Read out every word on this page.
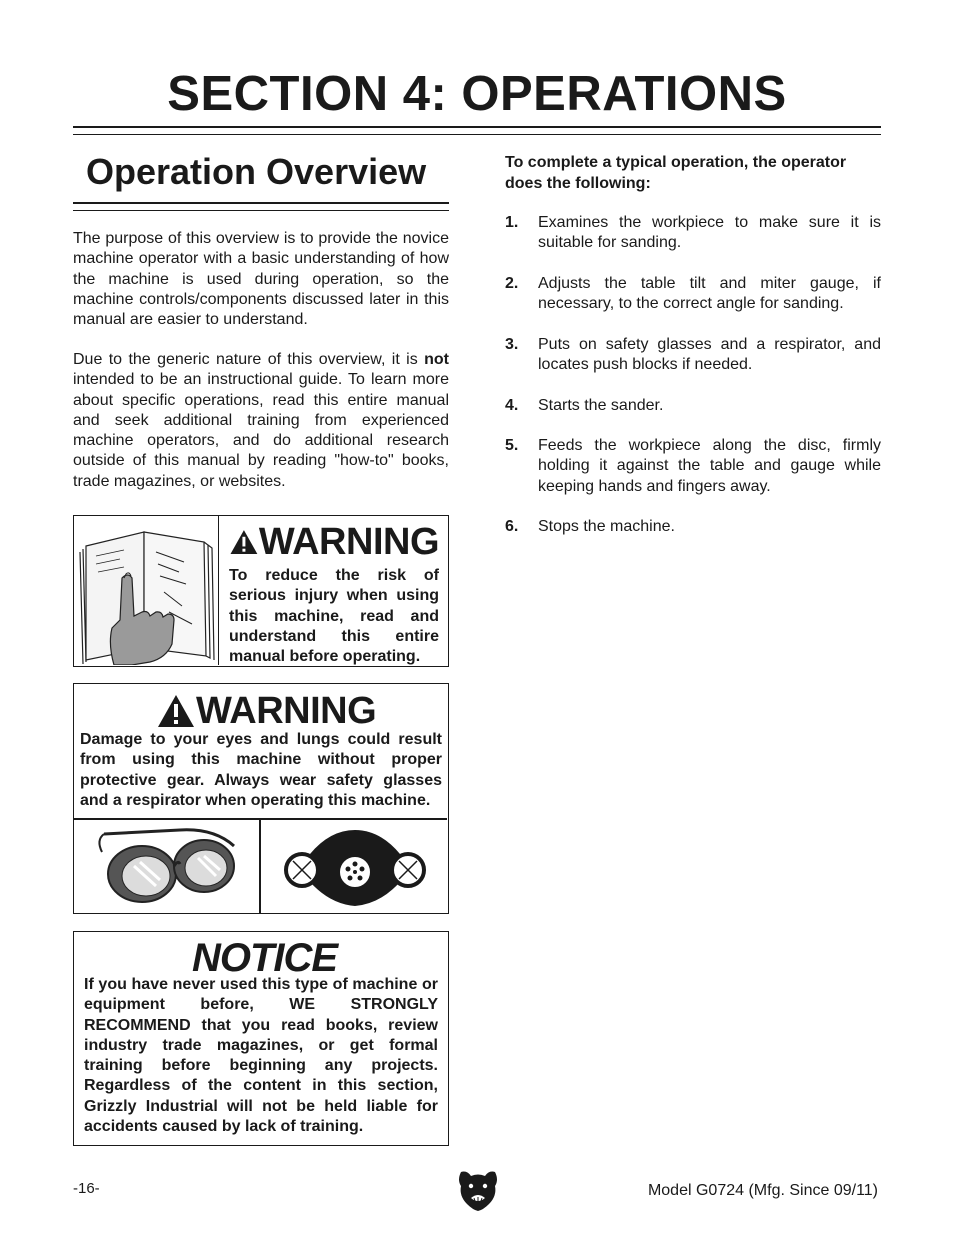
SECTION 4: OPERATIONS
Operation Overview

The purpose of this overview is to provide the novice machine operator with a basic understanding of how the machine is used during operation, so the machine controls/components discussed later in this manual are easier to understand.

Due to the generic nature of this overview, it is not intended to be an instructional guide. To learn more about specific operations, read this entire manual and seek additional training from experienced machine operators, and do additional research outside of this manual by reading "how-to" books, trade magazines, or websites.

WARNING

To reduce the risk of serious injury when using this machine, read and understand this entire manual before operating.

WARNING

Damage to your eyes and lungs could result from using this machine without proper protective gear. Always wear safety glasses and a respirator when operating this machine.

NOTICE

If you have never used this type of machine or equipment before, WE STRONGLY RECOMMEND that you read books, review industry trade magazines, or get formal training before beginning any projects. Regardless of the content in this section, Grizzly Industrial will not be held liable for accidents caused by lack of training.

To complete a typical operation, the operator does the following:

1.	Examines the workpiece to make sure it is suitable for sanding.
2.	Adjusts the table tilt and miter gauge, if necessary, to the correct angle for sanding.
3.	Puts on safety glasses and a respirator, and locates push blocks if needed.
4.	Starts the sander.
5.	Feeds the workpiece along the disc, firmly holding it against the table and gauge while keeping hands and fingers away.
6.	Stops the machine.
-16-	Model G0724 (Mfg. Since 09/11)
